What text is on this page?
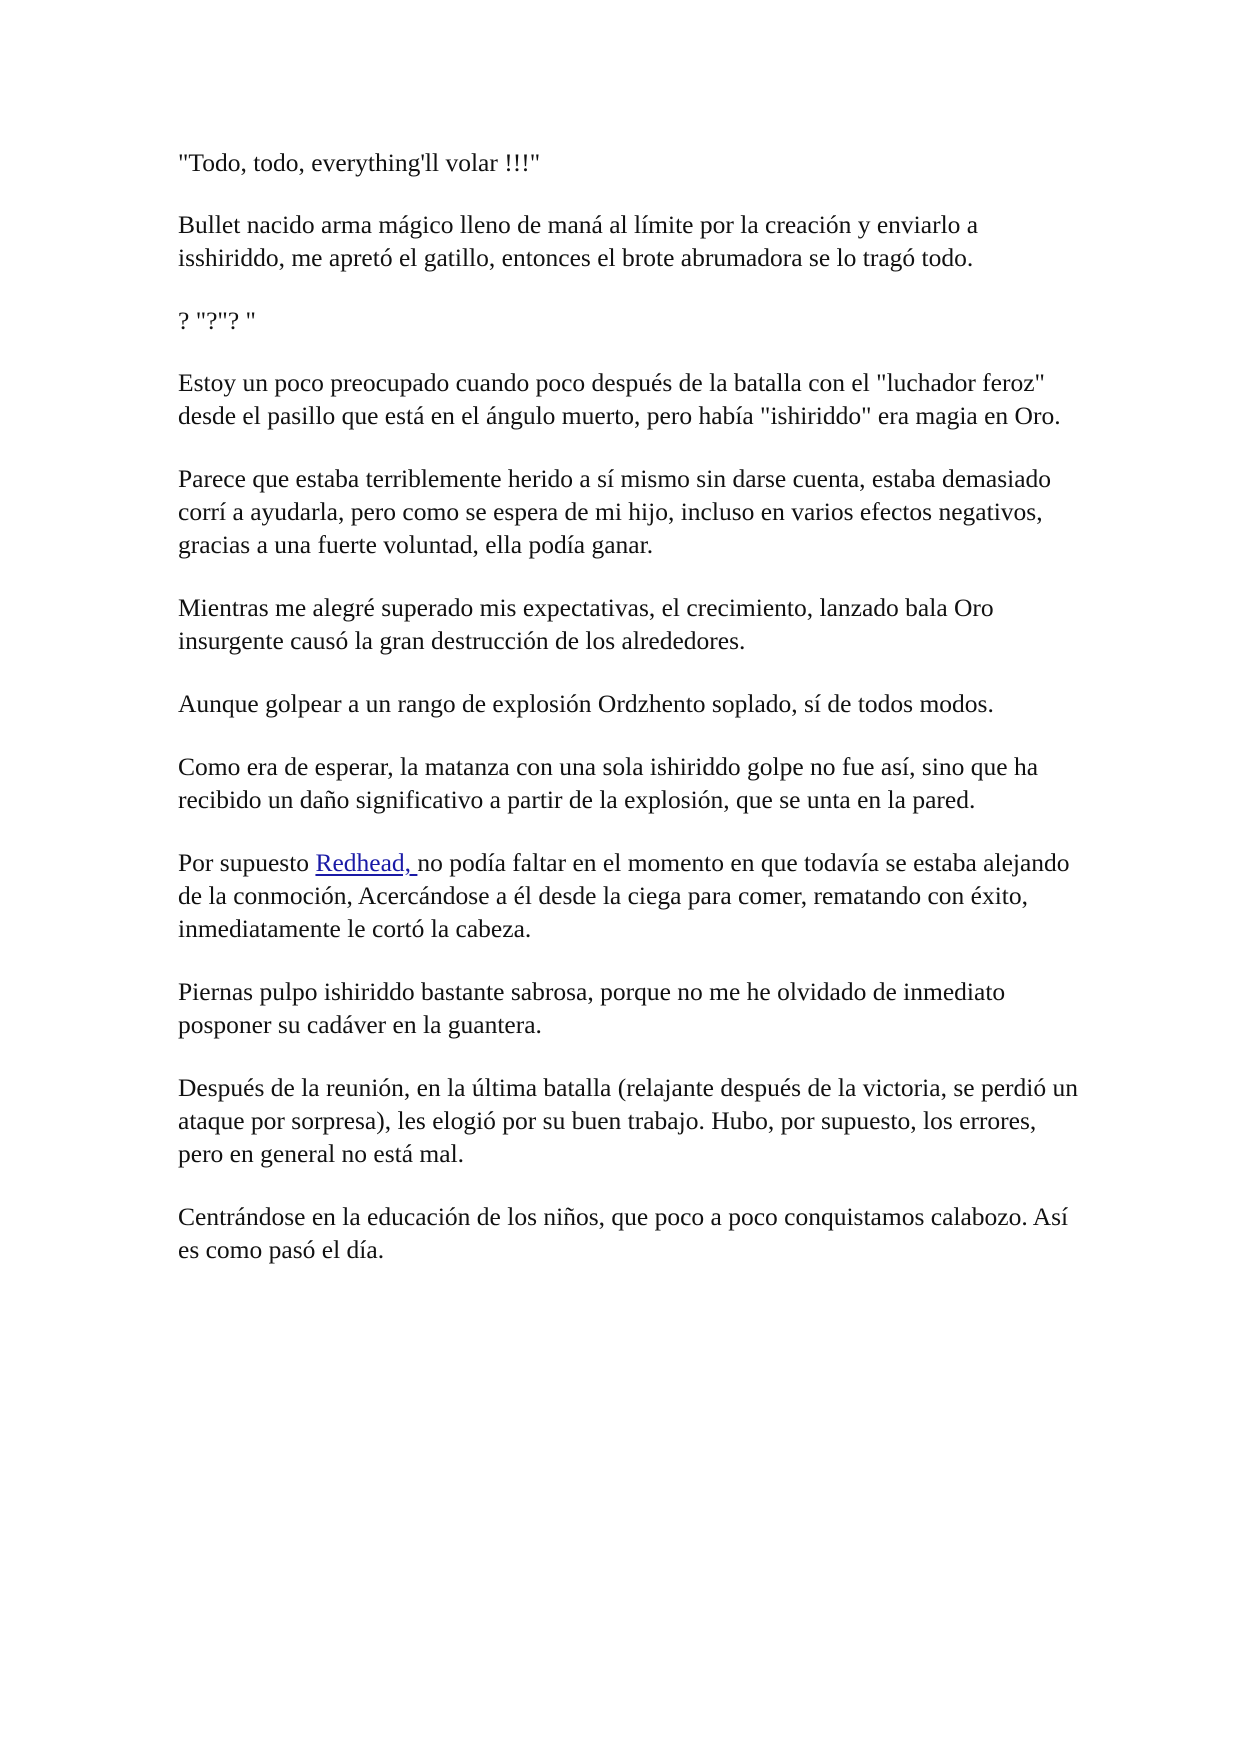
"Todo, todo, everything'll volar !!!"

Bullet nacido arma mágico lleno de maná al límite por la creación y enviarlo a isshiriddo, me apretó el gatillo, entonces el brote abrumadora se lo tragó todo.

? "?"? "

Estoy un poco preocupado cuando poco después de la batalla con el "luchador feroz" desde el pasillo que está en el ángulo muerto, pero había "ishiriddo" era magia en Oro.

Parece que estaba terriblemente herido a sí mismo sin darse cuenta, estaba demasiado corrí a ayudarla, pero como se espera de mi hijo, incluso en varios efectos negativos, gracias a una fuerte voluntad, ella podía ganar.

Mientras me alegré superado mis expectativas, el crecimiento, lanzado bala Oro insurgente causó la gran destrucción de los alrededores.

Aunque golpear a un rango de explosión Ordzhento soplado, sí de todos modos.

Como era de esperar, la matanza con una sola ishiriddo golpe no fue así, sino que ha recibido un daño significativo a partir de la explosión, que se unta en la pared.

Por supuesto Redhead, no podía faltar en el momento en que todavía se estaba alejando de la conmoción, Acercándose a él desde la ciega para comer, rematando con éxito, inmediatamente le cortó la cabeza.

Piernas pulpo ishiriddo bastante sabrosa, porque no me he olvidado de inmediato posponer su cadáver en la guantera.

Después de la reunión, en la última batalla (relajante después de la victoria, se perdió un ataque por sorpresa), les elogió por su buen trabajo. Hubo, por supuesto, los errores, pero en general no está mal.

Centrándose en la educación de los niños, que poco a poco conquistamos calabozo. Así es como pasó el día.
